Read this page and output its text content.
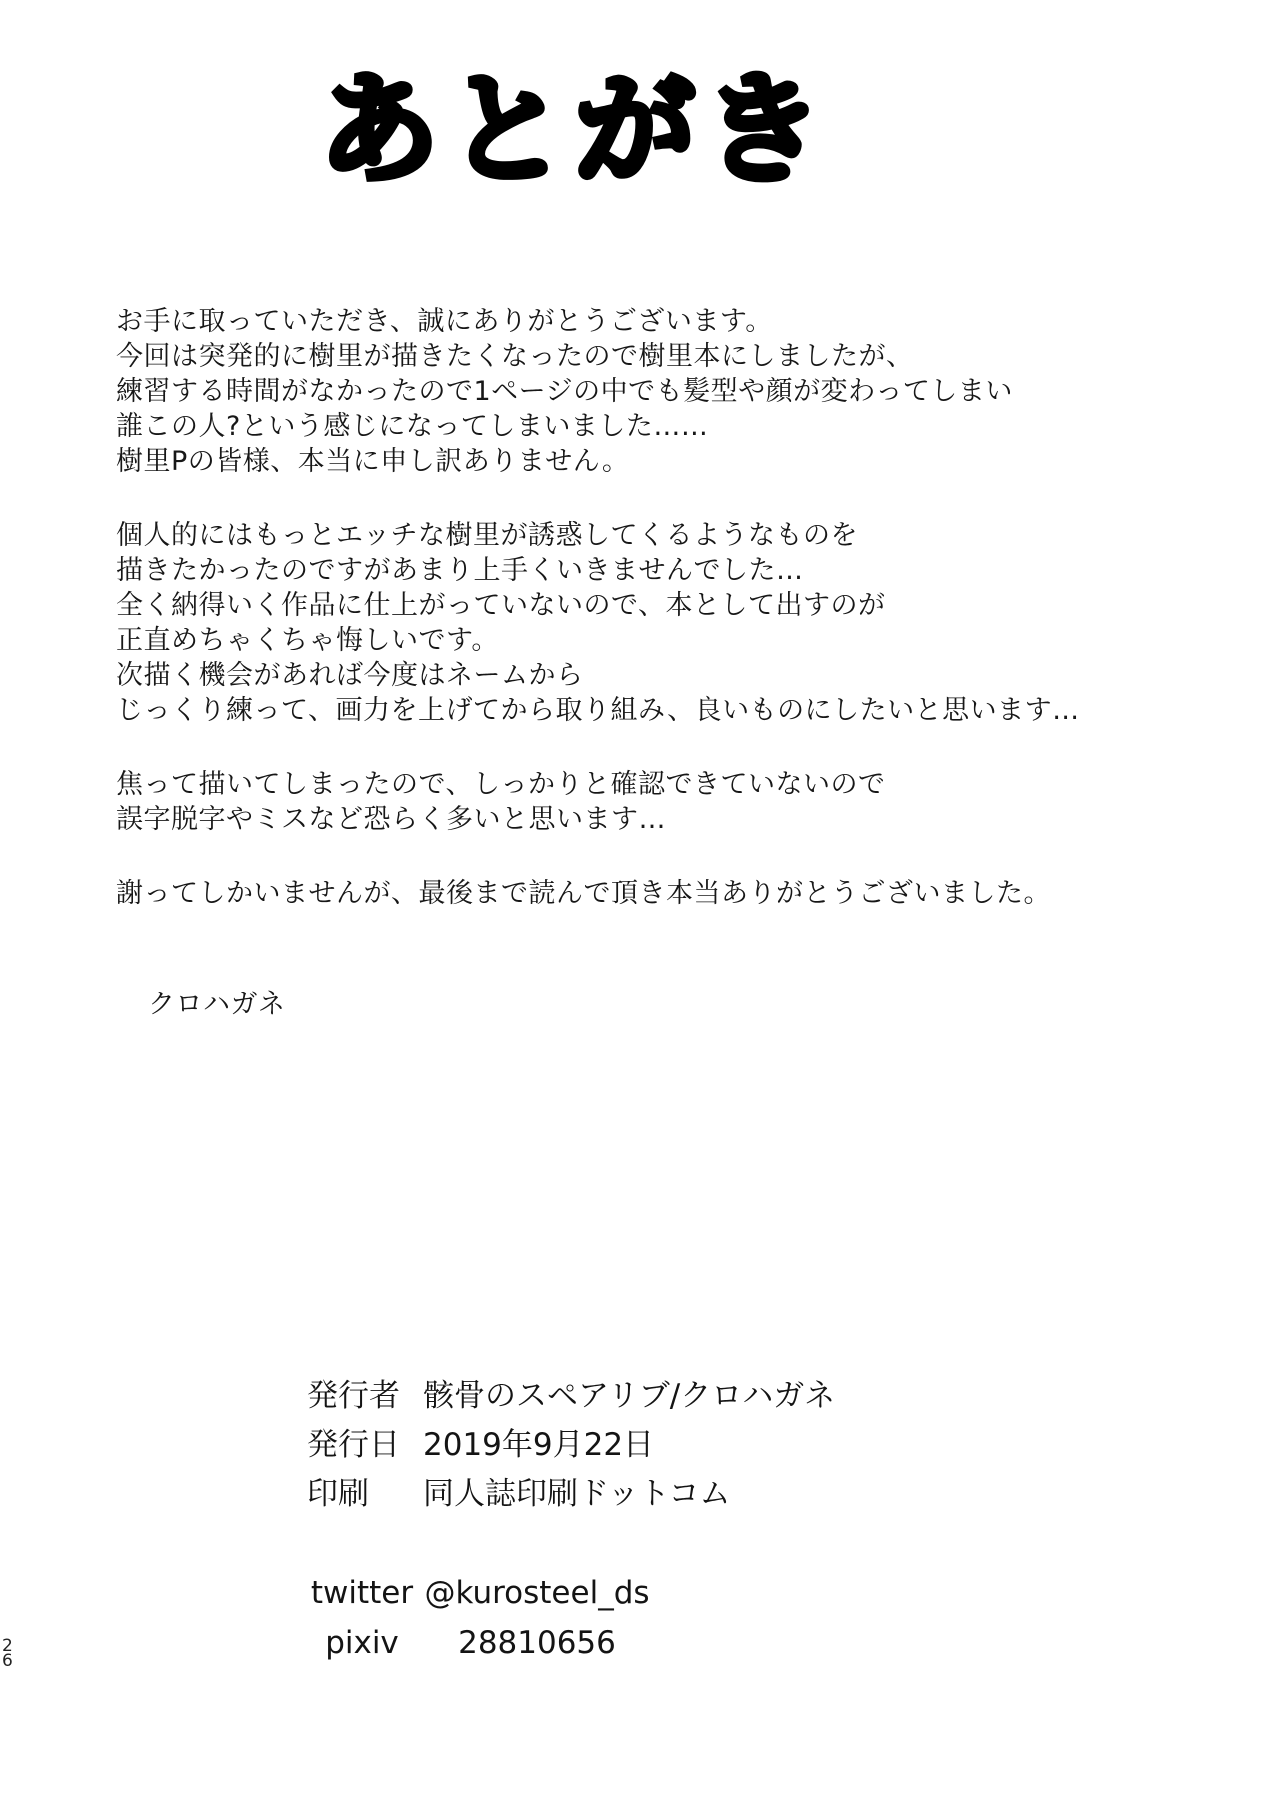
あとがき
お手に取っていただき、誠にありがとうございます。
今回は突発的に樹里が描きたくなったので樹里本にしましたが、
練習する時間がなかったので1ページの中でも髪型や顔が変わってしまい
誰この人?という感じになってしまいました……
樹里Pの皆様、本当に申し訳ありません。
個人的にはもっとエッチな樹里が誘惑してくるようなものを
描きたかったのですがあまり上手くいきませんでした…
全く納得いく作品に仕上がっていないので、本として出すのが
正直めちゃくちゃ悔しいです。
次描く機会があれば今度はネームから
じっくり練って、画力を上げてから取り組み、良いものにしたいと思います…
焦って描いてしまったので、しっかりと確認できていないので
誤字脱字やミスなど恐らく多いと思います…
謝ってしかいませんが、最後まで読んで頂き本当ありがとうございました。
クロハガネ
発行者 骸骨のスペアリブ/クロハガネ
発行日 2019年9月22日
印刷	同人誌印刷ドットコム
twitter @kurosteel_ds
pixiv	28810656
26
